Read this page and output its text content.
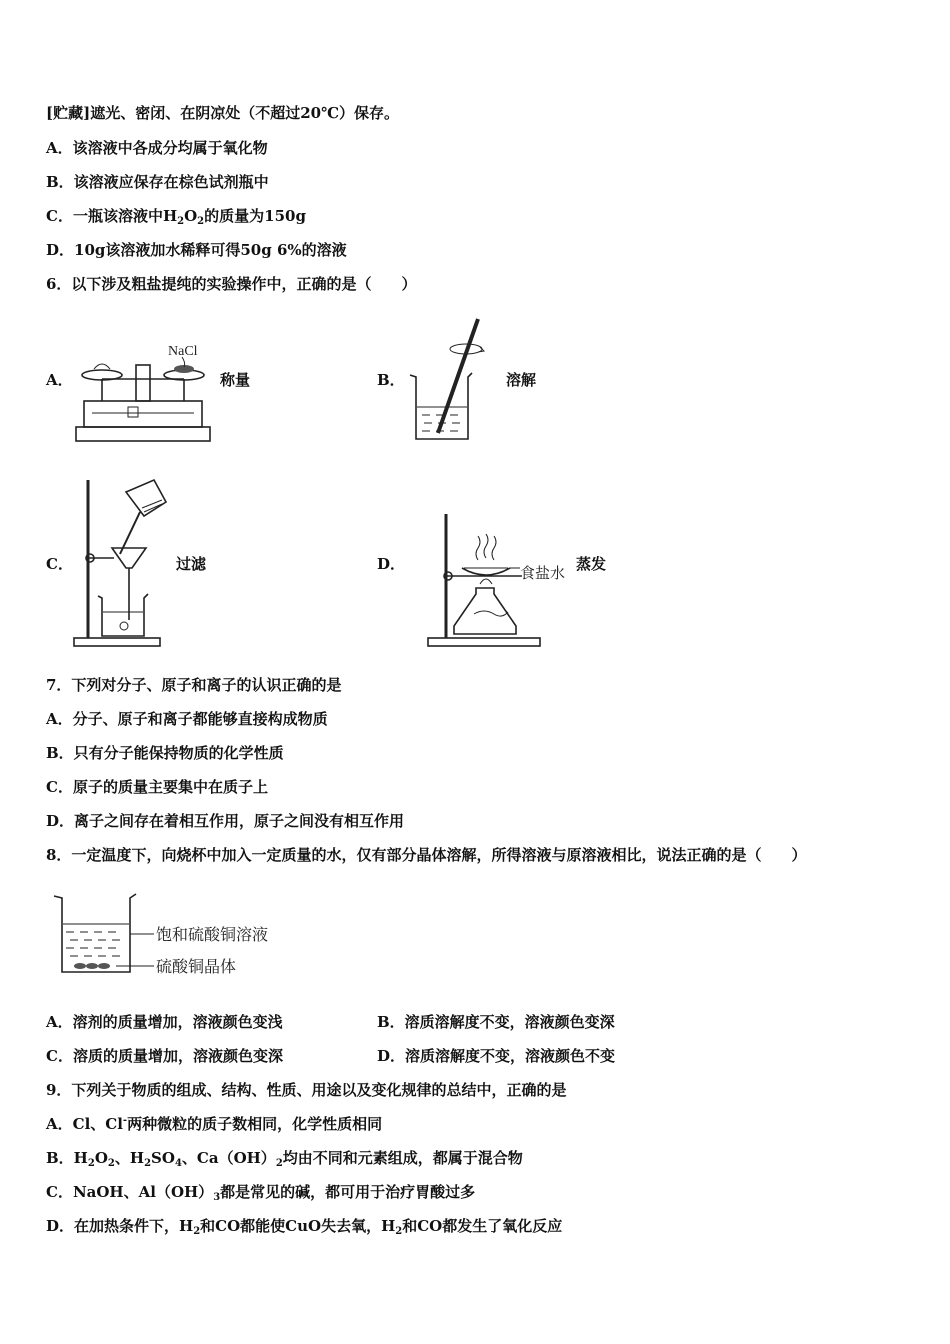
[贮藏]遮光、密闭、在阴凉处（不超过20℃）保存。
A．该溶液中各成分均属于氧化物
B．该溶液应保存在棕色试剂瓶中
C．一瓶该溶液中$H_2O_2$的质量为150g
D．10g该溶液加水稀释可得50g 6%的溶液
6．以下涉及粗盐提纯的实验操作中，正确的是（　　）
A．
NaCl
称量	B．	溶解
C．	过滤	D．	食盐水 蒸发
7．下列对分子、原子和离子的认识正确的是
A．分子、原子和离子都能够直接构成物质
B．只有分子能保持物质的化学性质
C．原子的质量主要集中在质子上
D．离子之间存在着相互作用，原子之间没有相互作用
8．一定温度下，向烧杯中加入一定质量的水，仅有部分晶体溶解，所得溶液与原溶液相比，说法正确的是（　　）
饱和硫酸铜溶液
硫酸铜晶体
A．溶剂的质量增加，溶液颜色变浅	B．溶质溶解度不变，溶液颜色变深
C．溶质的质量增加，溶液颜色变深	D．溶质溶解度不变，溶液颜色不变
9．下列关于物质的组成、结构、性质、用途以及变化规律的总结中，正确的是
A．Cl、Cl-两种微粒的质子数相同，化学性质相同
B．$H_2O_2$、$H_2SO_4$、$Ca(OH)_2$均由不同和元素组成，都属于混合物
C．NaOH、$Al(OH)_3$都是常见的碱，都可用于治疗胃酸过多
D．在加热条件下，$H_2$和CO都能使CuO失去氧，$H_2$和CO都发生了氧化反应
